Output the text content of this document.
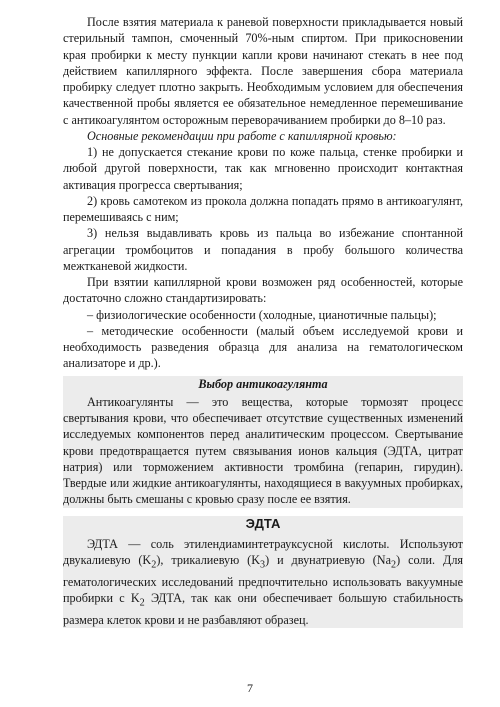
После взятия материала к раневой поверхности прикладывается новый стерильный тампон, смоченный 70%-ным спиртом. При прикосновении края пробирки к месту пункции капли крови начинают стекать в нее под действием капиллярного эффекта. После завершения сбора материала пробирку следует плотно закрыть. Необходимым условием для обеспечения качественной пробы является ее обязательное немедленное перемешивание с антикоагулянтом осторожным переворачиванием пробирки до 8–10 раз.

Основные рекомендации при работе с капиллярной кровью:

1) не допускается стекание крови по коже пальца, стенке пробирки и любой другой поверхности, так как мгновенно происходит контактная активация прогресса свертывания;

2) кровь самотеком из прокола должна попадать прямо в антикоагулянт, перемешиваясь с ним;

3) нельзя выдавливать кровь из пальца во избежание спонтанной агрегации тромбоцитов и попадания в пробу большого количества межтканевой жидкости.

При взятии капиллярной крови возможен ряд особенностей, которые достаточно сложно стандартизировать:

– физиологические особенности (холодные, цианотичные пальцы);

– методические особенности (малый объем исследуемой крови и необходимость разведения образца для анализа на гематологическом анализаторе и др.).

Выбор антикоагулянта

Антикоагулянты — это вещества, которые тормозят процесс свертывания крови, что обеспечивает отсутствие существенных изменений исследуемых компонентов перед аналитическим процессом. Свертывание крови предотвращается путем связывания ионов кальция (ЭДТА, цитрат натрия) или торможением активности тромбина (гепарин, гирудин). Твердые или жидкие антикоагулянты, находящиеся в вакуумных пробирках, должны быть смешаны с кровью сразу после ее взятия.

ЭДТА

ЭДТА — соль этилендиаминтетрауксусной кислоты. Используют двукалиевую $(K_2)$, трикалиевую $(K_3)$ и двунатриевую $(Na_2)$ соли. Для гематологических исследований предпочтительно использовать вакуумные пробирки с $K_2$ ЭДТА, так как они обеспечивает большую стабильность размера клеток крови и не разбавляют образец.

7
